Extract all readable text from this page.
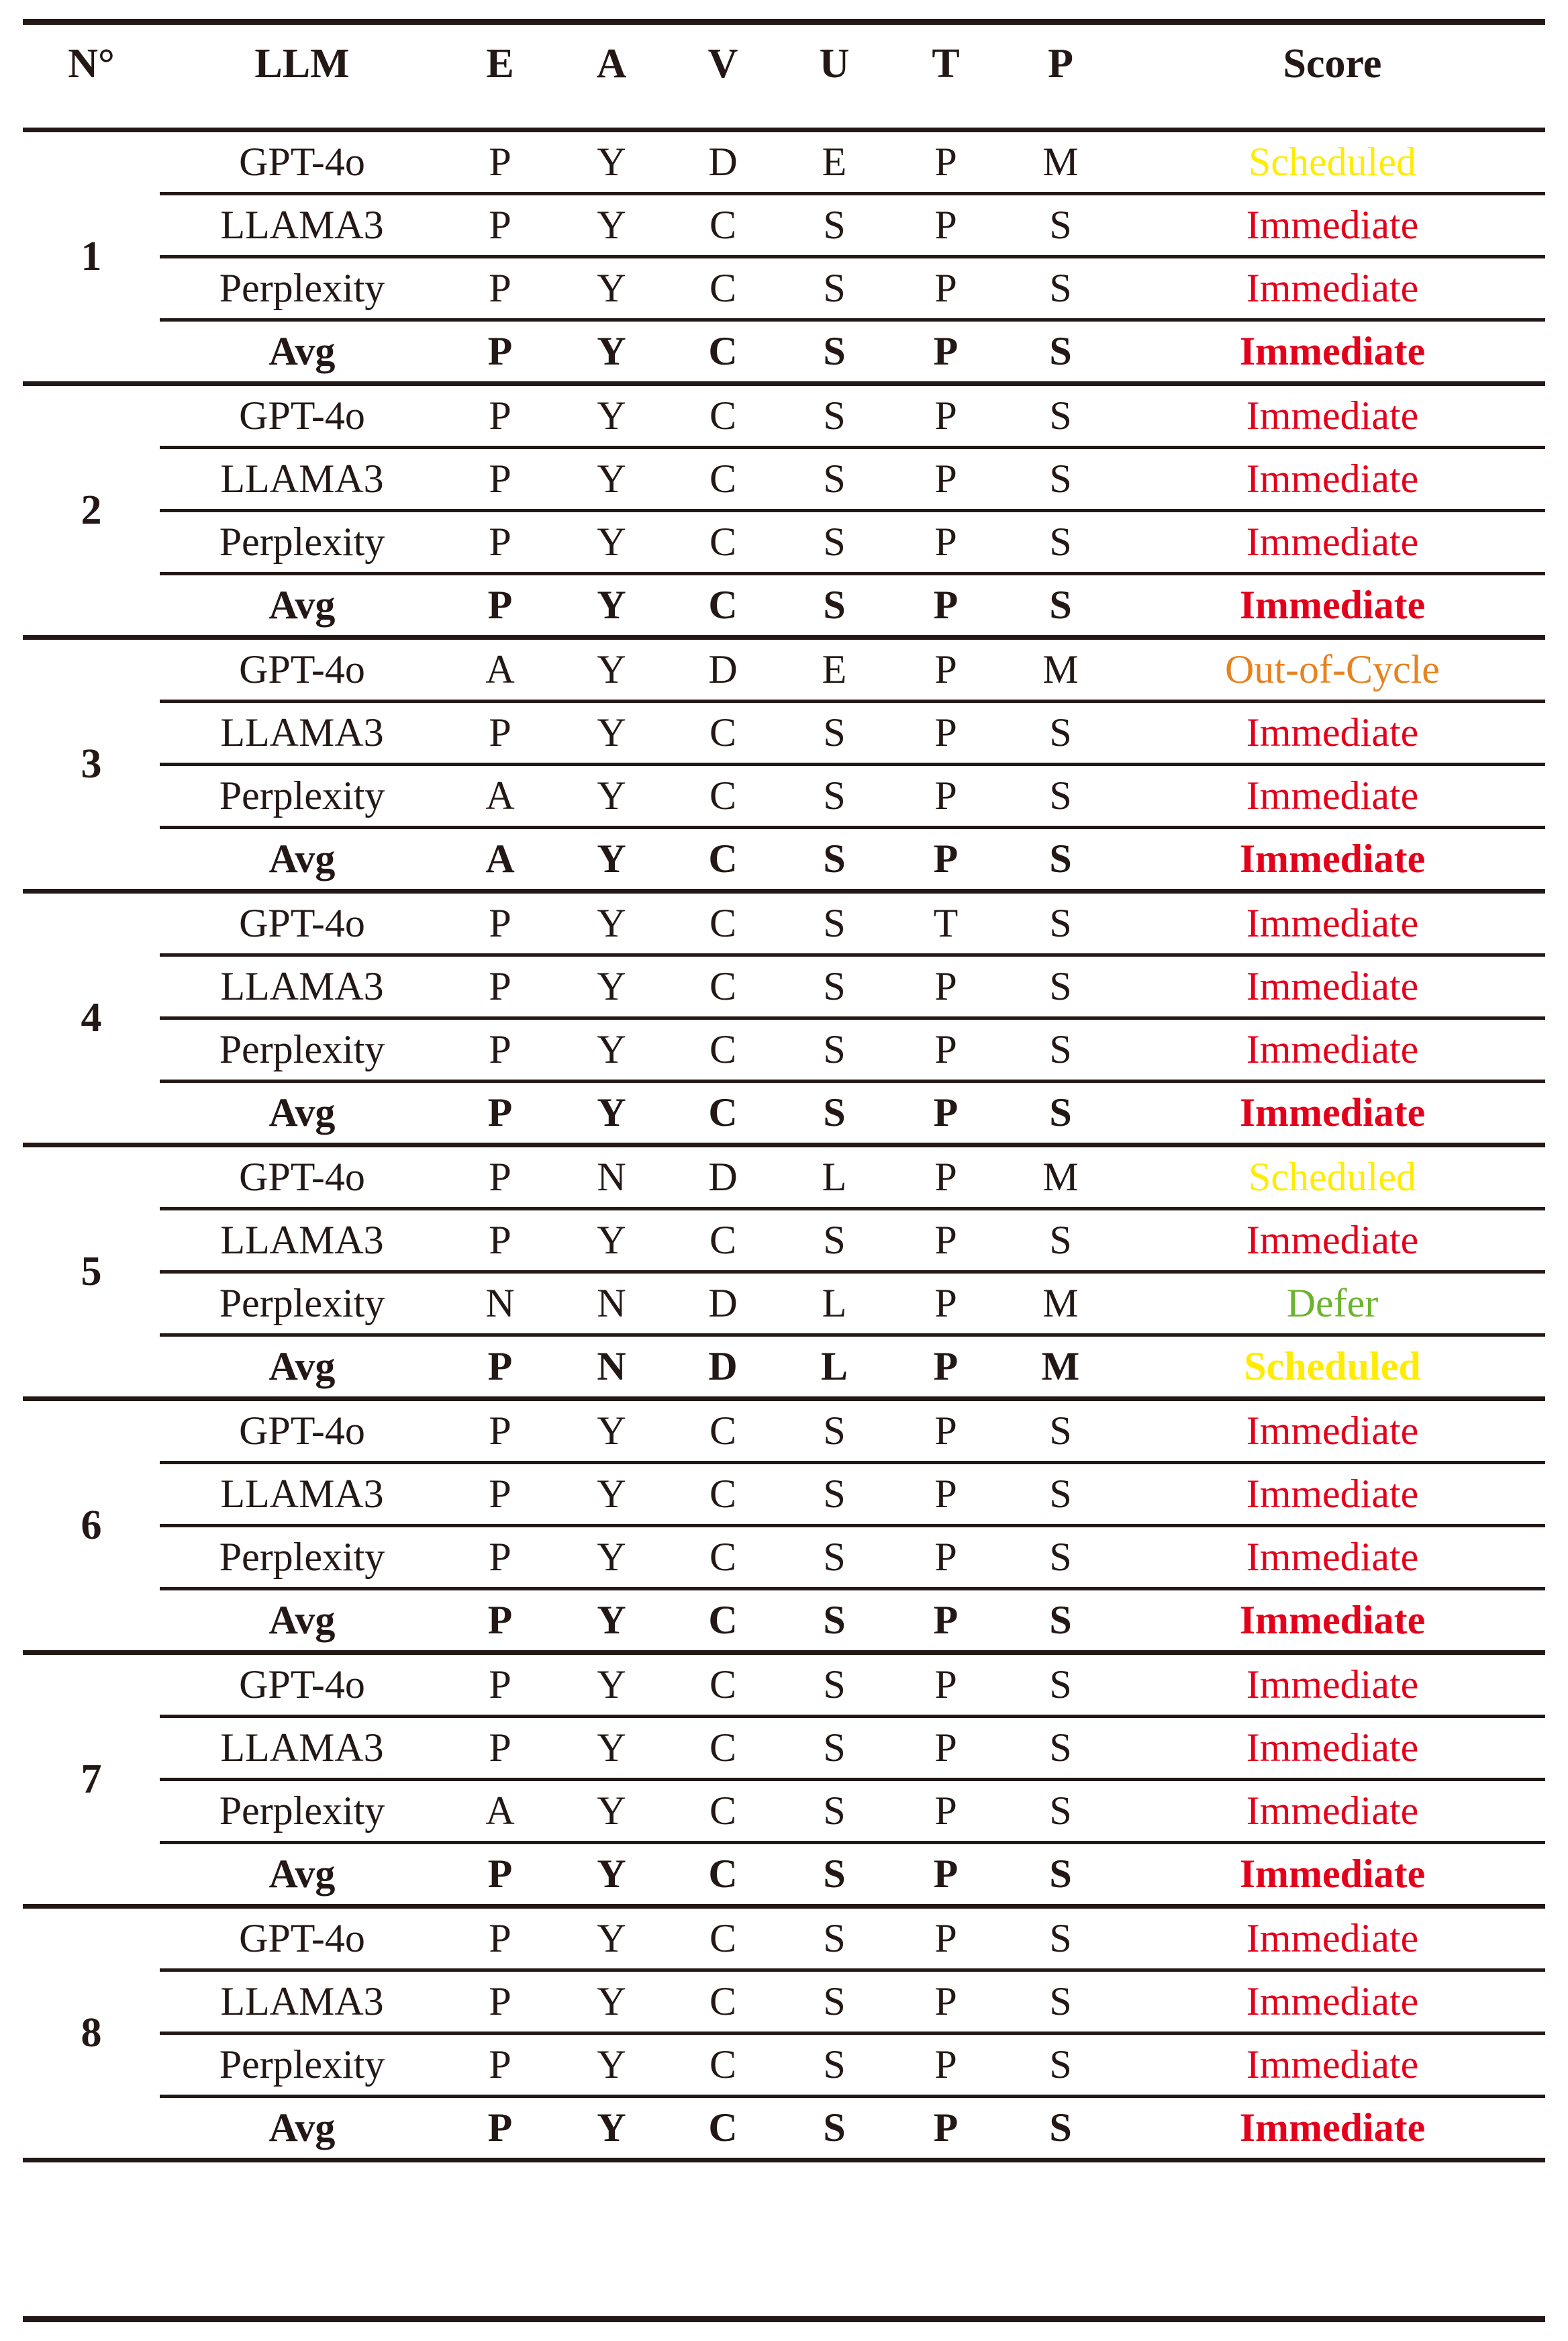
N°	LLM	E	A	V	U	T	P	Score
1	GPT-4o	P	Y	D	E	P	M	Scheduled
	LLAMA3	P	Y	C	S	P	S	Immediate
	Perplexity	P	Y	C	S	P	S	Immediate
	Avg	P	Y	C	S	P	S	Immediate
2	GPT-4o	P	Y	C	S	P	S	Immediate
	LLAMA3	P	Y	C	S	P	S	Immediate
	Perplexity	P	Y	C	S	P	S	Immediate
	Avg	P	Y	C	S	P	S	Immediate
3	GPT-4o	A	Y	D	E	P	M	Out-of-Cycle
	LLAMA3	P	Y	C	S	P	S	Immediate
	Perplexity	A	Y	C	S	P	S	Immediate
	Avg	A	Y	C	S	P	S	Immediate
4	GPT-4o	P	Y	C	S	T	S	Immediate
	LLAMA3	P	Y	C	S	P	S	Immediate
	Perplexity	P	Y	C	S	P	S	Immediate
	Avg	P	Y	C	S	P	S	Immediate
5	GPT-4o	P	N	D	L	P	M	Scheduled
	LLAMA3	P	Y	C	S	P	S	Immediate
	Perplexity	N	N	D	L	P	M	Defer
	Avg	P	N	D	L	P	M	Scheduled
6	GPT-4o	P	Y	C	S	P	S	Immediate
	LLAMA3	P	Y	C	S	P	S	Immediate
	Perplexity	P	Y	C	S	P	S	Immediate
	Avg	P	Y	C	S	P	S	Immediate
7	GPT-4o	P	Y	C	S	P	S	Immediate
	LLAMA3	P	Y	C	S	P	S	Immediate
	Perplexity	A	Y	C	S	P	S	Immediate
	Avg	P	Y	C	S	P	S	Immediate
8	GPT-4o	P	Y	C	S	P	S	Immediate
	LLAMA3	P	Y	C	S	P	S	Immediate
	Perplexity	P	Y	C	S	P	S	Immediate
	Avg	P	Y	C	S	P	S	Immediate
